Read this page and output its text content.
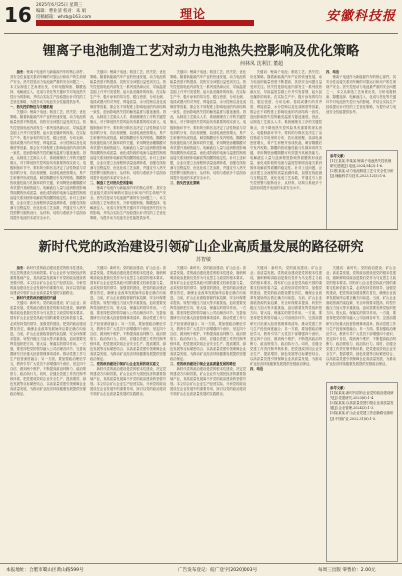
16 2025年6月25日 星期三
编辑：曹业清 校对：朱 娟
投稿邮箱：whrb@163.com	理论	安徽科技报
锂离子电池制造工艺对动力电池热失控影响及优化策略
何林凤 沈利江 董超

摘要：锂离子电池作为新能源汽车的核心部件，其安全性直接关系到车辆的可靠运行和用户的生命财产安全。热失控是动力电池最严重的安全问题之一，本文从制造工艺角度出发，分析电极制备、隔膜选择、电解液注入、化成与老化等关键环节对电池热失控行为的影响，并结合实际生产经验提出针对性的工艺优化策略，为提升动力电池安全性能提供参考。

一、热失控的特征与关键机理

关键词：锂离子电池；制造工艺；热失控；优化策略。随着新能源汽车产业的快速发展，动力电池的能量密度不断提高，其热安全问题日益受到关注。热失控是指电池内部发生一系列放热副反应，导致温度急剧上升并引发冒烟、起火甚至爆炸的现象。在实际生产中，极片涂布的均匀性、辊压密度、分切毛刺、卷绕或叠片的对齐度、焊接质量、水分控制以及化成制度等因素，都会在不同程度上影响电池的内部结构一致性，进而影响热失控的触发温度与蔓延速度。因此，从制造工艺源头入手，系统梳理各工序的关键控制点，对于降低热失控风险具有重要的现实意义。电极制备环节中，浆料的分散状态决定了活性物质与导电剂的分布，若出现团聚，局部电流密度增大，易产生析锂并形成枝晶，刺穿隔膜后引发内短路。隔膜的热收缩性能与孔隙率同样关键，采用陶瓷涂覆隔膜可有效提升其耐热能力。电解液注入量与浸润程度影响界面膜的形成质量，而化成阶段的电流与温度控制则直接关系到固体电解质界面膜的稳定性。针对上述问题，企业应建立全流程的质量追溯体系，加强在线检测与过程监控，优化化成工艺参数，并通过引入热失控预警与阻断设计，从材料、结构与系统多个层面协同提升电池的本质安全水平。

关键词：锂离子电池；制造工艺；热失控；优化策略。随着新能源汽车产业的快速发展，动力电池的能量密度不断提高，其热安全问题日益受到关注。热失控是指电池内部发生一系列放热副反应，导致温度急剧上升并引发冒烟、起火甚至爆炸的现象。在实际生产中，极片涂布的均匀性、辊压密度、分切毛刺、卷绕或叠片的对齐度、焊接质量、水分控制以及化成制度等因素，都会在不同程度上影响电池的内部结构一致性，进而影响热失控的触发温度与蔓延速度。因此，从制造工艺源头入手，系统梳理各工序的关键控制点，对于降低热失控风险具有重要的现实意义。电极制备环节中，浆料的分散状态决定了活性物质与导电剂的分布，若出现团聚，局部电流密度增大，易产生析锂并形成枝晶，刺穿隔膜后引发内短路。隔膜的热收缩性能与孔隙率同样关键，采用陶瓷涂覆隔膜可有效提升其耐热能力。电解液注入量与浸润程度影响界面膜的形成质量，而化成阶段的电流与温度控制则直接关系到固体电解质界面膜的稳定性。针对上述问题，企业应建立全流程的质量追溯体系，加强在线检测与过程监控，优化化成工艺参数，并通过引入热失控预警与阻断设计，从材料、结构与系统多个层面协同提升电池的本质安全水平。

二、制造工艺对热失控的影响

锂离子电池作为新能源汽车的核心部件，其安全性直接关系到车辆的可靠运行和用户的生命财产安全。热失控是动力电池最严重的安全问题之一，本文从制造工艺角度出发，分析电极制备、隔膜选择、电解液注入、化成与老化等关键环节对电池热失控行为的影响，并结合实际生产经验提出针对性的工艺优化策略，为提升动力电池安全性能提供参考。

关键词：锂离子电池；制造工艺；热失控；优化策略。随着新能源汽车产业的快速发展，动力电池的能量密度不断提高，其热安全问题日益受到关注。热失控是指电池内部发生一系列放热副反应，导致温度急剧上升并引发冒烟、起火甚至爆炸的现象。在实际生产中，极片涂布的均匀性、辊压密度、分切毛刺、卷绕或叠片的对齐度、焊接质量、水分控制以及化成制度等因素，都会在不同程度上影响电池的内部结构一致性，进而影响热失控的触发温度与蔓延速度。因此，从制造工艺源头入手，系统梳理各工序的关键控制点，对于降低热失控风险具有重要的现实意义。电极制备环节中，浆料的分散状态决定了活性物质与导电剂的分布，若出现团聚，局部电流密度增大，易产生析锂并形成枝晶，刺穿隔膜后引发内短路。隔膜的热收缩性能与孔隙率同样关键，采用陶瓷涂覆隔膜可有效提升其耐热能力。电解液注入量与浸润程度影响界面膜的形成质量，而化成阶段的电流与温度控制则直接关系到固体电解质界面膜的稳定性。针对上述问题，企业应建立全流程的质量追溯体系，加强在线检测与过程监控，优化化成工艺参数，并通过引入热失控预警与阻断设计，从材料、结构与系统多个层面协同提升电池的本质安全水平。

三、热失控优化策略

关键词：锂离子电池；制造工艺；热失控；优化策略。随着新能源汽车产业的快速发展，动力电池的能量密度不断提高，其热安全问题日益受到关注。热失控是指电池内部发生一系列放热副反应，导致温度急剧上升并引发冒烟、起火甚至爆炸的现象。在实际生产中，极片涂布的均匀性、辊压密度、分切毛刺、卷绕或叠片的对齐度、焊接质量、水分控制以及化成制度等因素，都会在不同程度上影响电池的内部结构一致性，进而影响热失控的触发温度与蔓延速度。因此，从制造工艺源头入手，系统梳理各工序的关键控制点，对于降低热失控风险具有重要的现实意义。电极制备环节中，浆料的分散状态决定了活性物质与导电剂的分布，若出现团聚，局部电流密度增大，易产生析锂并形成枝晶，刺穿隔膜后引发内短路。隔膜的热收缩性能与孔隙率同样关键，采用陶瓷涂覆隔膜可有效提升其耐热能力。电解液注入量与浸润程度影响界面膜的形成质量，而化成阶段的电流与温度控制则直接关系到固体电解质界面膜的稳定性。针对上述问题，企业应建立全流程的质量追溯体系，加强在线检测与过程监控，优化化成工艺参数，并通过引入热失控预警与阻断设计，从材料、结构与系统多个层面协同提升电池的本质安全水平。

四、结语

锂离子电池作为新能源汽车的核心部件，其安全性直接关系到车辆的可靠运行和用户的生命财产安全。热失控是动力电池最严重的安全问题之一，本文从制造工艺角度出发，分析电极制备、隔膜选择、电解液注入、化成与老化等关键环节对电池热失控行为的影响，并结合实际生产经验提出针对性的工艺优化策略，为提升动力电池安全性能提供参考。

参考文献：
[1]王某某,李某某.锂离子电池热失控机理研究进展[J].电池,2024,54(2):1-6.
[2]张某某.动力电池制造工艺与安全性分析[J].储能科学与技术,2023,12(5):1-8.
新时代党的政治建设引领矿山企业高质量发展的路径研究
苏智敏

摘要：新时代党的政治建设是党的根本性建设，决定党的建设方向和效果。矿山企业作为国民经济的重要基础产业，其高质量发展离不开党的政治建设的坚强引领。本文结合矿山企业生产经营实际，分析党的政治建设在企业发展中的重要作用，探讨以党的政治建设引领矿山企业高质量发展的实践路径。

一、新时代党的政治建设的内涵

关键词：新时代；党的政治建设；矿山企业；高质量发展。党的政治建设是党的根本性建设，旗帜鲜明讲政治是我们党作为马克思主义政党的根本要求。国有矿山企业是党执政兴国的重要支柱和依靠力量，必须坚持党的领导、加强党的建设，把党的政治建设摆在首位，确保企业改革发展始终沿着正确方向前进。当前，矿山企业面临资源约束趋紧、安全环保要求提高、转型升级压力加大等多重挑战，迫切需要发挥党组织把方向、管大局、保落实的领导作用。一方面，要坚持把党的领导融入公司治理各环节，完善前置研究讨论重大经营管理事项清单，推动党建工作与生产经营深度融合；另一方面，要加强政治理论学习，教育引导广大党员干部增强四个意识、坚定四个自信、做到两个维护，不断提高政治判断力、政治领悟力、政治执行力。同时，应健全党建工作责任制考核体系，把党建成效同企业安全生产、提质增效、绿色发展等目标紧密结合，以高质量党建引领保障企业高质量发展，为推动矿业经济持续健康发展提供坚强政治保证。

关键词：新时代；党的政治建设；矿山企业；高质量发展。党的政治建设是党的根本性建设，旗帜鲜明讲政治是我们党作为马克思主义政党的根本要求。国有矿山企业是党执政兴国的重要支柱和依靠力量，必须坚持党的领导、加强党的建设，把党的政治建设摆在首位，确保企业改革发展始终沿着正确方向前进。当前，矿山企业面临资源约束趋紧、安全环保要求提高、转型升级压力加大等多重挑战，迫切需要发挥党组织把方向、管大局、保落实的领导作用。一方面，要坚持把党的领导融入公司治理各环节，完善前置研究讨论重大经营管理事项清单，推动党建工作与生产经营深度融合；另一方面，要加强政治理论学习，教育引导广大党员干部增强四个意识、坚定四个自信、做到两个维护，不断提高政治判断力、政治领悟力、政治执行力。同时，应健全党建工作责任制考核体系，把党建成效同企业安全生产、提质增效、绿色发展等目标紧密结合，以高质量党建引领保障企业高质量发展，为推动矿业经济持续健康发展提供坚强政治保证。

二、党的政治建设引领矿山企业发展的现实意义

新时代党的政治建设是党的根本性建设，决定党的建设方向和效果。矿山企业作为国民经济的重要基础产业，其高质量发展离不开党的政治建设的坚强引领。本文结合矿山企业生产经营实际，分析党的政治建设在企业发展中的重要作用，探讨以党的政治建设引领矿山企业高质量发展的实践路径。

关键词：新时代；党的政治建设；矿山企业；高质量发展。党的政治建设是党的根本性建设，旗帜鲜明讲政治是我们党作为马克思主义政党的根本要求。国有矿山企业是党执政兴国的重要支柱和依靠力量，必须坚持党的领导、加强党的建设，把党的政治建设摆在首位，确保企业改革发展始终沿着正确方向前进。当前，矿山企业面临资源约束趋紧、安全环保要求提高、转型升级压力加大等多重挑战，迫切需要发挥党组织把方向、管大局、保落实的领导作用。一方面，要坚持把党的领导融入公司治理各环节，完善前置研究讨论重大经营管理事项清单，推动党建工作与生产经营深度融合；另一方面，要加强政治理论学习，教育引导广大党员干部增强四个意识、坚定四个自信、做到两个维护，不断提高政治判断力、政治领悟力、政治执行力。同时，应健全党建工作责任制考核体系，把党建成效同企业安全生产、提质增效、绿色发展等目标紧密结合，以高质量党建引领保障企业高质量发展，为推动矿业经济持续健康发展提供坚强政治保证。

三、党的政治建设引领企业高质量发展的路径

新时代党的政治建设是党的根本性建设，决定党的建设方向和效果。矿山企业作为国民经济的重要基础产业，其高质量发展离不开党的政治建设的坚强引领。本文结合矿山企业生产经营实际，分析党的政治建设在企业发展中的重要作用，探讨以党的政治建设引领矿山企业高质量发展的实践路径。

关键词：新时代；党的政治建设；矿山企业；高质量发展。党的政治建设是党的根本性建设，旗帜鲜明讲政治是我们党作为马克思主义政党的根本要求。国有矿山企业是党执政兴国的重要支柱和依靠力量，必须坚持党的领导、加强党的建设，把党的政治建设摆在首位，确保企业改革发展始终沿着正确方向前进。当前，矿山企业面临资源约束趋紧、安全环保要求提高、转型升级压力加大等多重挑战，迫切需要发挥党组织把方向、管大局、保落实的领导作用。一方面，要坚持把党的领导融入公司治理各环节，完善前置研究讨论重大经营管理事项清单，推动党建工作与生产经营深度融合；另一方面，要加强政治理论学习，教育引导广大党员干部增强四个意识、坚定四个自信、做到两个维护，不断提高政治判断力、政治领悟力、政治执行力。同时，应健全党建工作责任制考核体系，把党建成效同企业安全生产、提质增效、绿色发展等目标紧密结合，以高质量党建引领保障企业高质量发展，为推动矿业经济持续健康发展提供坚强政治保证。

四、结语

关键词：新时代；党的政治建设；矿山企业；高质量发展。党的政治建设是党的根本性建设，旗帜鲜明讲政治是我们党作为马克思主义政党的根本要求。国有矿山企业是党执政兴国的重要支柱和依靠力量，必须坚持党的领导、加强党的建设，把党的政治建设摆在首位，确保企业改革发展始终沿着正确方向前进。当前，矿山企业面临资源约束趋紧、安全环保要求提高、转型升级压力加大等多重挑战，迫切需要发挥党组织把方向、管大局、保落实的领导作用。一方面，要坚持把党的领导融入公司治理各环节，完善前置研究讨论重大经营管理事项清单，推动党建工作与生产经营深度融合；另一方面，要加强政治理论学习，教育引导广大党员干部增强四个意识、坚定四个自信、做到两个维护，不断提高政治判断力、政治领悟力、政治执行力。同时，应健全党建工作责任制考核体系，把党建成效同企业安全生产、提质增效、绿色发展等目标紧密结合，以高质量党建引领保障企业高质量发展，为推动矿业经济持续健康发展提供坚强政治保证。

参考文献：
[1]某某某.新时代国有企业党的政治建设研究[J].党建研究,2023(6):1-4.
[2]某某某.以高质量党建引领企业高质量发展[J].企业管理,2024(3):1-3.
[3]某某某.矿山企业党建工作创新路径探析[J].中国矿业,2022,31(8):1-5.
本报地址：合肥市蜀山区黄山路599号	广告发布登记：皖广登字[2020]003号	每周三出版 零售价：2.00元
